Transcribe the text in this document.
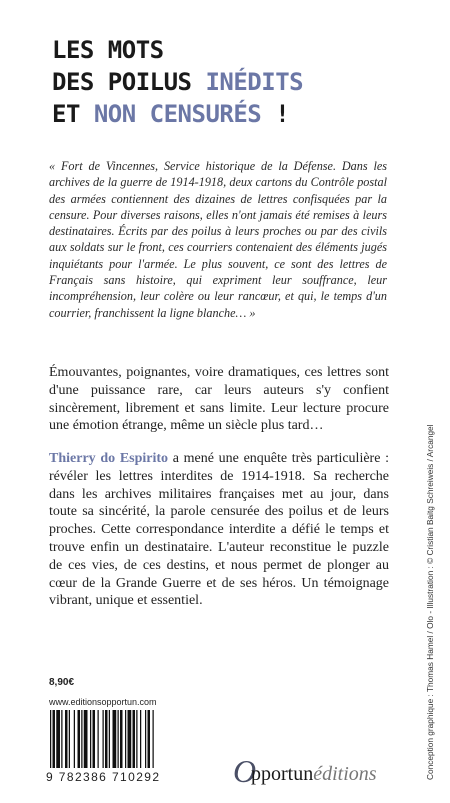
LES MOTS
DES POILUS INÉDITS
ET NON CENSURÉS !
« Fort de Vincennes, Service historique de la Défense. Dans les archives de la guerre de 1914-1918, deux cartons du Contrôle postal des armées contiennent des dizaines de lettres confisquées par la censure. Pour diverses raisons, elles n'ont jamais été remises à leurs destinataires. Écrits par des poilus à leurs proches ou par des civils aux soldats sur le front, ces courriers contenaient des éléments jugés inquiétants pour l'armée. Le plus souvent, ce sont des lettres de Français sans histoire, qui expriment leur souffrance, leur incompréhension, leur colère ou leur rancœur, et qui, le temps d'un courrier, franchissent la ligne blanche… »
Émouvantes, poignantes, voire dramatiques, ces lettres sont d'une puissance rare, car leurs auteurs s'y confient sincèrement, librement et sans limite. Leur lecture procure une émotion étrange, même un siècle plus tard…
Thierry do Espirito a mené une enquête très particulière : révéler les lettres interdites de 1914-1918. Sa recherche dans les archives militaires françaises met au jour, dans toute sa sincérité, la parole censurée des poilus et de leurs proches. Cette correspondance interdite a défié le temps et trouve enfin un destinataire. L'auteur reconstitue le puzzle de ces vies, de ces destins, et nous permet de plonger au cœur de la Grande Guerre et de ses héros. Un témoignage vibrant, unique et essentiel.	Conception graphique : Thomas Hamel / Olo - Illustration : © Cristian Baitg Schreiweis / Arcangel
8,90€
www.editionsopportun.com
9 782386 710292	O
pportunéditions
